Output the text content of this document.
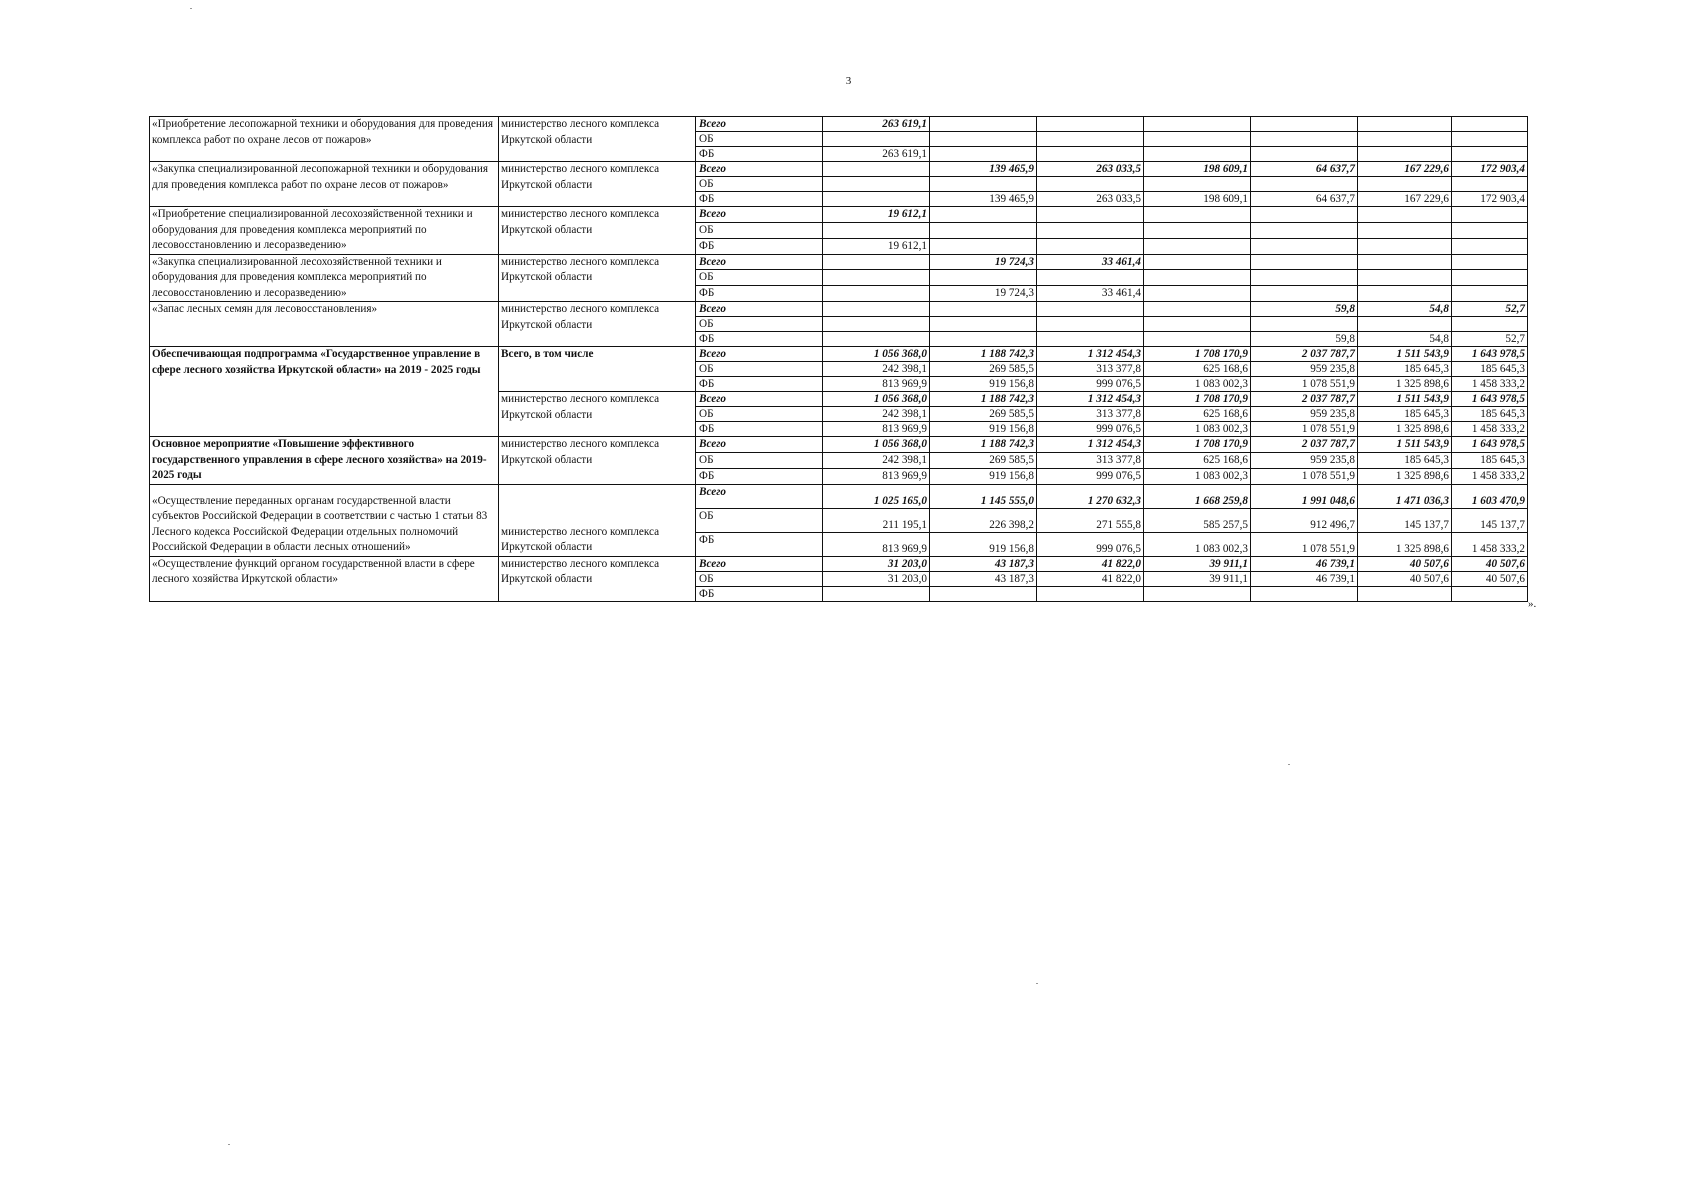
3
«Приобретение лесопожарной техники и оборудования для проведения комплекса работ по охране лесов от пожаров»	министерство лесного комплекса Иркутской области	Всего	263 619,1						
		ОБ							
		ФБ	263 619,1						
«Закупка специализированной лесопожарной техники и оборудования для проведения комплекса работ по охране лесов от пожаров»	министерство лесного комплекса Иркутской области	Всего		139 465,9	263 033,5	198 609,1	64 637,7	167 229,6	172 903,4
		ОБ							
		ФБ		139 465,9	263 033,5	198 609,1	64 637,7	167 229,6	172 903,4
«Приобретение специализированной лесохозяйственной техники и оборудования для проведения комплекса мероприятий по лесовосстановлению и лесоразведению»	министерство лесного комплекса Иркутской области	Всего	19 612,1						
		ОБ							
		ФБ	19 612,1						
«Закупка специализированной лесохозяйственной техники и оборудования для проведения комплекса мероприятий по лесовосстановлению и лесоразведению»	министерство лесного комплекса Иркутской области	Всего		19 724,3	33 461,4				
		ОБ							
		ФБ		19 724,3	33 461,4				
«Запас лесных семян для лесовосстановления»	министерство лесного комплекса Иркутской области	Всего					59,8	54,8	52,7
		ОБ							
		ФБ					59,8	54,8	52,7
Обеспечивающая подпрограмма «Государственное управление в сфере лесного хозяйства Иркутской области» на 2019 - 2025 годы	Всего, в том числе	Всего	1 056 368,0	1 188 742,3	1 312 454,3	1 708 170,9	2 037 787,7	1 511 543,9	1 643 978,5
		ОБ	242 398,1	269 585,5	313 377,8	625 168,6	959 235,8	185 645,3	185 645,3
		ФБ	813 969,9	919 156,8	999 076,5	1 083 002,3	1 078 551,9	1 325 898,6	1 458 333,2
	министерство лесного комплекса Иркутской области	Всего	1 056 368,0	1 188 742,3	1 312 454,3	1 708 170,9	2 037 787,7	1 511 543,9	1 643 978,5
		ОБ	242 398,1	269 585,5	313 377,8	625 168,6	959 235,8	185 645,3	185 645,3
		ФБ	813 969,9	919 156,8	999 076,5	1 083 002,3	1 078 551,9	1 325 898,6	1 458 333,2
Основное мероприятие «Повышение эффективного государственного управления в сфере лесного хозяйства» на 2019-2025 годы	министерство лесного комплекса Иркутской области	Всего	1 056 368,0	1 188 742,3	1 312 454,3	1 708 170,9	2 037 787,7	1 511 543,9	1 643 978,5
		ОБ	242 398,1	269 585,5	313 377,8	625 168,6	959 235,8	185 645,3	185 645,3
		ФБ	813 969,9	919 156,8	999 076,5	1 083 002,3	1 078 551,9	1 325 898,6	1 458 333,2
«Осуществление переданных органам государственной власти субъектов Российской Федерации в соответствии с частью 1 статьи 83 Лесного кодекса Российской Федерации отдельных полномочий Российской Федерации в области лесных отношений»	министерство лесного комплекса Иркутской области	Всего	1 025 165,0	1 145 555,0	1 270 632,3	1 668 259,8	1 991 048,6	1 471 036,3	1 603 470,9
		ОБ	211 195,1	226 398,2	271 555,8	585 257,5	912 496,7	145 137,7	145 137,7
		ФБ	813 969,9	919 156,8	999 076,5	1 083 002,3	1 078 551,9	1 325 898,6	1 458 333,2
«Осуществление функций органом государственной власти в сфере лесного хозяйства Иркутской области»	министерство лесного комплекса Иркутской области	Всего	31 203,0	43 187,3	41 822,0	39 911,1	46 739,1	40 507,6	40 507,6
		ОБ	31 203,0	43 187,3	41 822,0	39 911,1	46 739,1	40 507,6	40 507,6
		ФБ							
».
